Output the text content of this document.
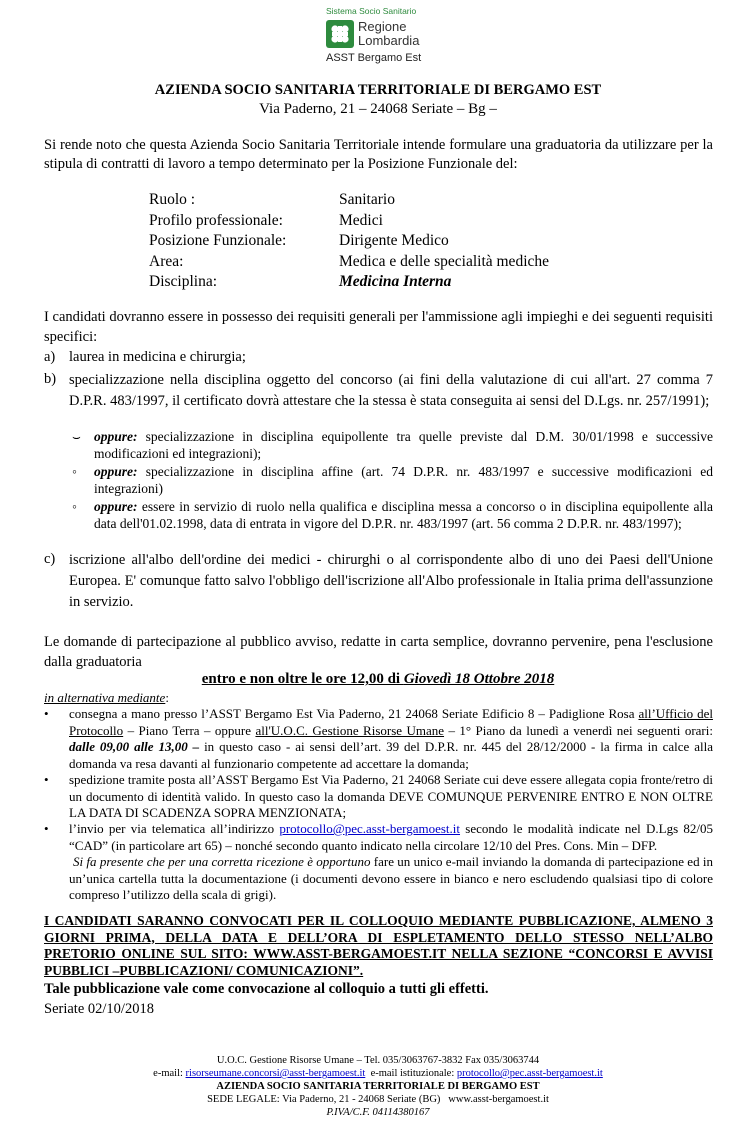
Sistema Socio Sanitario
Regione
Lombardia
ASST Bergamo Est
AZIENDA SOCIO SANITARIA TERRITORIALE DI BERGAMO EST
Via Paderno, 21 – 24068 Seriate – Bg –
Si rende noto che questa Azienda Socio Sanitaria Territoriale intende formulare una graduatoria da utilizzare per la stipula di contratti di lavoro a tempo determinato per la Posizione Funzionale del:
Ruolo :	Sanitario
Profilo professionale:	Medici
Posizione Funzionale:	Dirigente Medico
Area:	Medica e delle specialità mediche
Disciplina:	Medicina Interna
I candidati dovranno essere in possesso dei requisiti generali per l'ammissione agli impieghi e dei seguenti requisiti specifici:
a) laurea in medicina e chirurgia;
b) specializzazione nella disciplina oggetto del concorso (ai fini della valutazione di cui all'art. 27 comma 7 D.P.R. 483/1997, il certificato dovrà attestare che la stessa è stata conseguita ai sensi del D.Lgs. nr. 257/1991);
⌣ oppure: specializzazione in disciplina equipollente tra quelle previste dal D.M. 30/01/1998 e successive modificazioni ed integrazioni);
◦ oppure: specializzazione in disciplina affine (art. 74 D.P.R. nr. 483/1997 e successive modificazioni ed integrazioni)
◦ oppure: essere in servizio di ruolo nella qualifica e disciplina messa a concorso o in disciplina equipollente alla data dell'01.02.1998, data di entrata in vigore del D.P.R. nr. 483/1997 (art. 56 comma 2 D.P.R. nr. 483/1997);
c) iscrizione all'albo dell'ordine dei medici - chirurghi o al corrispondente albo di uno dei Paesi dell'Unione Europea. E' comunque fatto salvo l'obbligo dell'iscrizione all'Albo professionale in Italia prima dell'assunzione in servizio.
Le domande di partecipazione al pubblico avviso, redatte in carta semplice, dovranno pervenire, pena l'esclusione dalla graduatoria
entro e non oltre le ore 12,00 di Giovedì 18 Ottobre 2018
in alternativa mediante:
• consegna a mano presso l’ASST Bergamo Est Via Paderno, 21 24068 Seriate Edificio 8 – Padiglione Rosa all’Ufficio del Protocollo – Piano Terra – oppure all'U.O.C. Gestione Risorse Umane – 1° Piano da lunedì a venerdì nei seguenti orari: dalle 09,00 alle 13,00 – in questo caso - ai sensi dell’art. 39 del D.P.R. nr. 445 del 28/12/2000 - la firma in calce alla domanda va resa davanti al funzionario competente ad accettare la domanda;
• spedizione tramite posta all’ASST Bergamo Est Via Paderno, 21 24068 Seriate cui deve essere allegata copia fronte/retro di un documento di identità valido. In questo caso la domanda DEVE COMUNQUE PERVENIRE ENTRO E NON OLTRE LA DATA DI SCADENZA SOPRA MENZIONATA;
• l’invio per via telematica all’indirizzo protocollo@pec.asst-bergamoest.it secondo le modalità indicate nel D.Lgs 82/05 “CAD” (in particolare art 65) – nonché secondo quanto indicato nella circolare 12/10 del Pres. Cons. Min – DFP.
Si fa presente che per una corretta ricezione è opportuno fare un unico e-mail inviando la domanda di partecipazione ed in un’unica cartella tutta la documentazione (i documenti devono essere in bianco e nero escludendo qualsiasi tipo di colore compreso l’utilizzo della scala di grigi).
I CANDIDATI SARANNO CONVOCATI PER IL COLLOQUIO MEDIANTE PUBBLICAZIONE, ALMENO 3 GIORNI PRIMA, DELLA DATA E DELL’ORA DI ESPLETAMENTO DELLO STESSO NELL’ALBO PRETORIO ONLINE SUL SITO: WWW.ASST-BERGAMOEST.IT NELLA SEZIONE “CONCORSI E AVVISI PUBBLICI –PUBBLICAZIONI/ COMUNICAZIONI”.
Tale pubblicazione vale come convocazione al colloquio a tutti gli effetti.
Seriate 02/10/2018
U.O.C. Gestione Risorse Umane – Tel. 035/3063767-3832 Fax 035/3063744
e-mail: risorseumane.concorsi@asst-bergamoest.it  e-mail istituzionale: protocollo@pec.asst-bergamoest.it
AZIENDA SOCIO SANITARIA TERRITORIALE DI BERGAMO EST
SEDE LEGALE: Via Paderno, 21 - 24068 Seriate (BG)   www.asst-bergamoest.it
P.IVA/C.F. 04114380167
